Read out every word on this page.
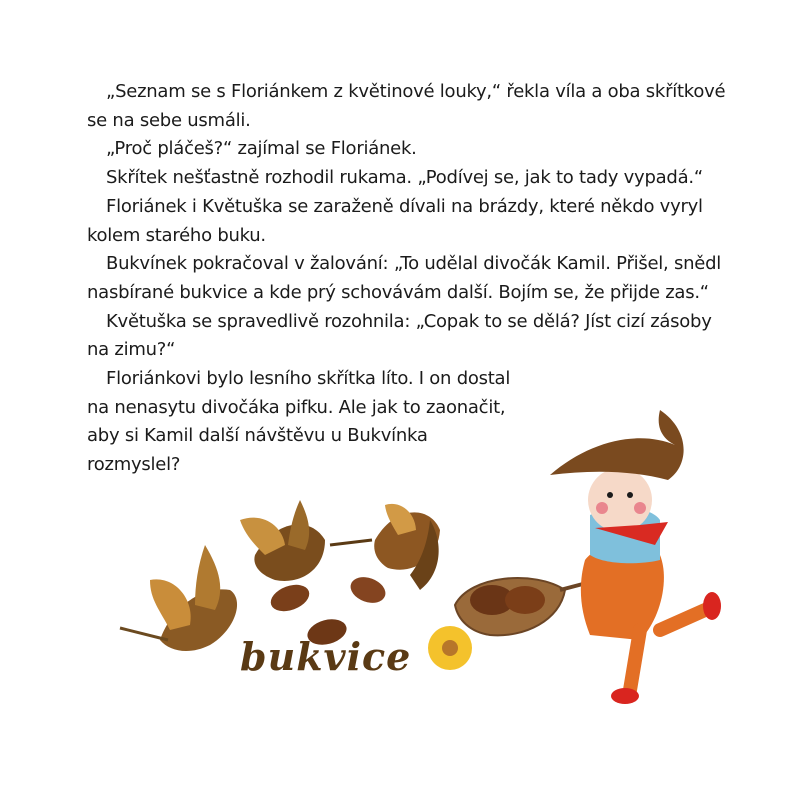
„Seznam se s Floriánkem z květinové louky,“ řekla víla a oba skřítkové se na sebe usmáli.

„Proč pláčeš?“ zajímal se Floriánek.

Skřítek nešťastně rozhodil rukama. „Podívej se, jak to tady vypadá.“

Floriánek i Květuška se zaraženě dívali na brázdy, které někdo vyryl kolem starého buku.

Bukvínek pokračoval v žalování: „To udělal divočák Kamil. Přišel, snědl nasbírané bukvice a kde prý schovávám další. Bojím se, že přijde zas.“

Květuška se spravedlivě rozohnila: „Copak to se dělá? Jíst cizí zásoby na zimu?“

Floriánkovi bylo lesního skřítka líto. I on dostal na nenasytu divočáka pifku. Ale jak to zaonačit, aby si Kamil další návštěvu u Bukvínka rozmyslel?

bukvice
